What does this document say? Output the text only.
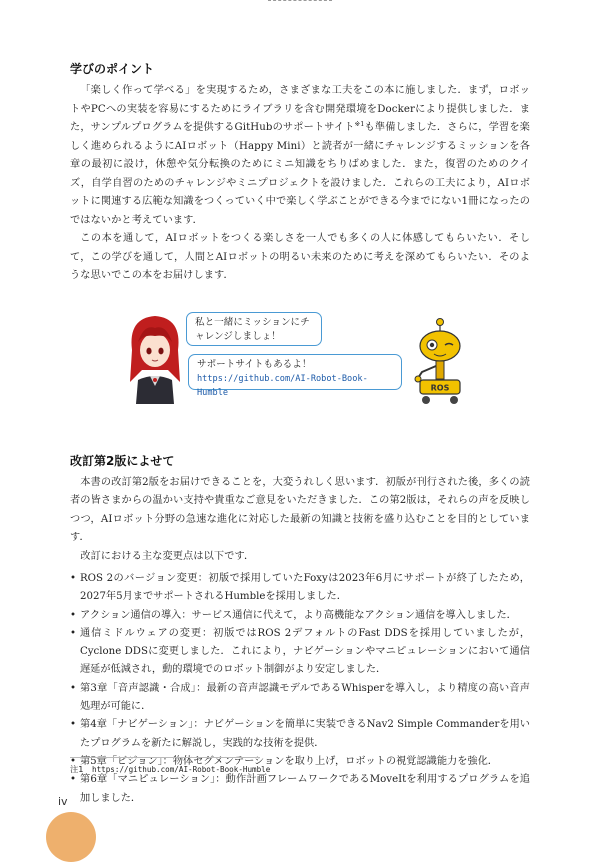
学びのポイント

「楽しく作って学べる」を実現するため，さまざまな工夫をこの本に施しました．まず，ロボットやPCへの実装を容易にするためにライブラリを含む開発環境をDockerにより提供しました．また，サンプルプログラムを提供するGitHubのサポートサイト$^{※1}$も準備しました．さらに，学習を楽しく進められるようにAIロボット（Happy Mini）と読者が一緒にチャレンジするミッションを各章の最初に設け，休憩や気分転換のためにミニ知識をちりばめました．また，復習のためのクイズ，自学自習のためのチャレンジやミニプロジェクトを設けました．これらの工夫により，AIロボットに関連する広範な知識をつくっていく中で楽しく学ぶことができる今までにない1冊になったのではないかと考えています．

この本を通して，AIロボットをつくる楽しさを一人でも多くの人に体感してもらいたい．そして，この学びを通して，人間とAIロボットの明るい未来のために考えを深めてもらいたい．そのような思いでこの本をお届けします．

私と一緒にミッションにチャレンジしましょ！
サポートサイトもあるよ！
https://github.com/AI-Robot-Book-Humble	ROS
改訂第2版によせて

本書の改訂第2版をお届けできることを，大変うれしく思います．初版が刊行された後，多くの読者の皆さまからの温かい支持や貴重なご意見をいただきました．この第2版は，それらの声を反映しつつ，AIロボット分野の急速な進化に対応した最新の知識と技術を盛り込むことを目的としています．

改訂における主な変更点は以下です．

• ROS 2のバージョン変更：初版で採用していたFoxyは2023年6月にサポートが終了したため，2027年5月までサポートされるHumbleを採用しました．
• アクション通信の導入：サービス通信に代えて，より高機能なアクション通信を導入しました．
• 通信ミドルウェアの変更：初版ではROS 2デフォルトのFast DDSを採用していましたが，Cyclone DDSに変更しました．これにより，ナビゲーションやマニピュレーションにおいて通信遅延が低減され，動的環境でのロボット制御がより安定しました．
• 第3章「音声認識・合成」：最新の音声認識モデルであるWhisperを導入し，より精度の高い音声処理が可能に．
• 第4章「ナビゲーション」：ナビゲーションを簡単に実装できるNav2 Simple Commanderを用いたプログラムを新たに解説し，実践的な技術を提供．
• 第5章「ビジョン」：物体セグメンテーションを取り上げ，ロボットの視覚認識能力を強化．
• 第6章「マニピュレーション」：動作計画フレームワークであるMoveItを利用するプログラムを追加しました．
注1 https://github.com/AI-Robot-Book-Humble
iv
